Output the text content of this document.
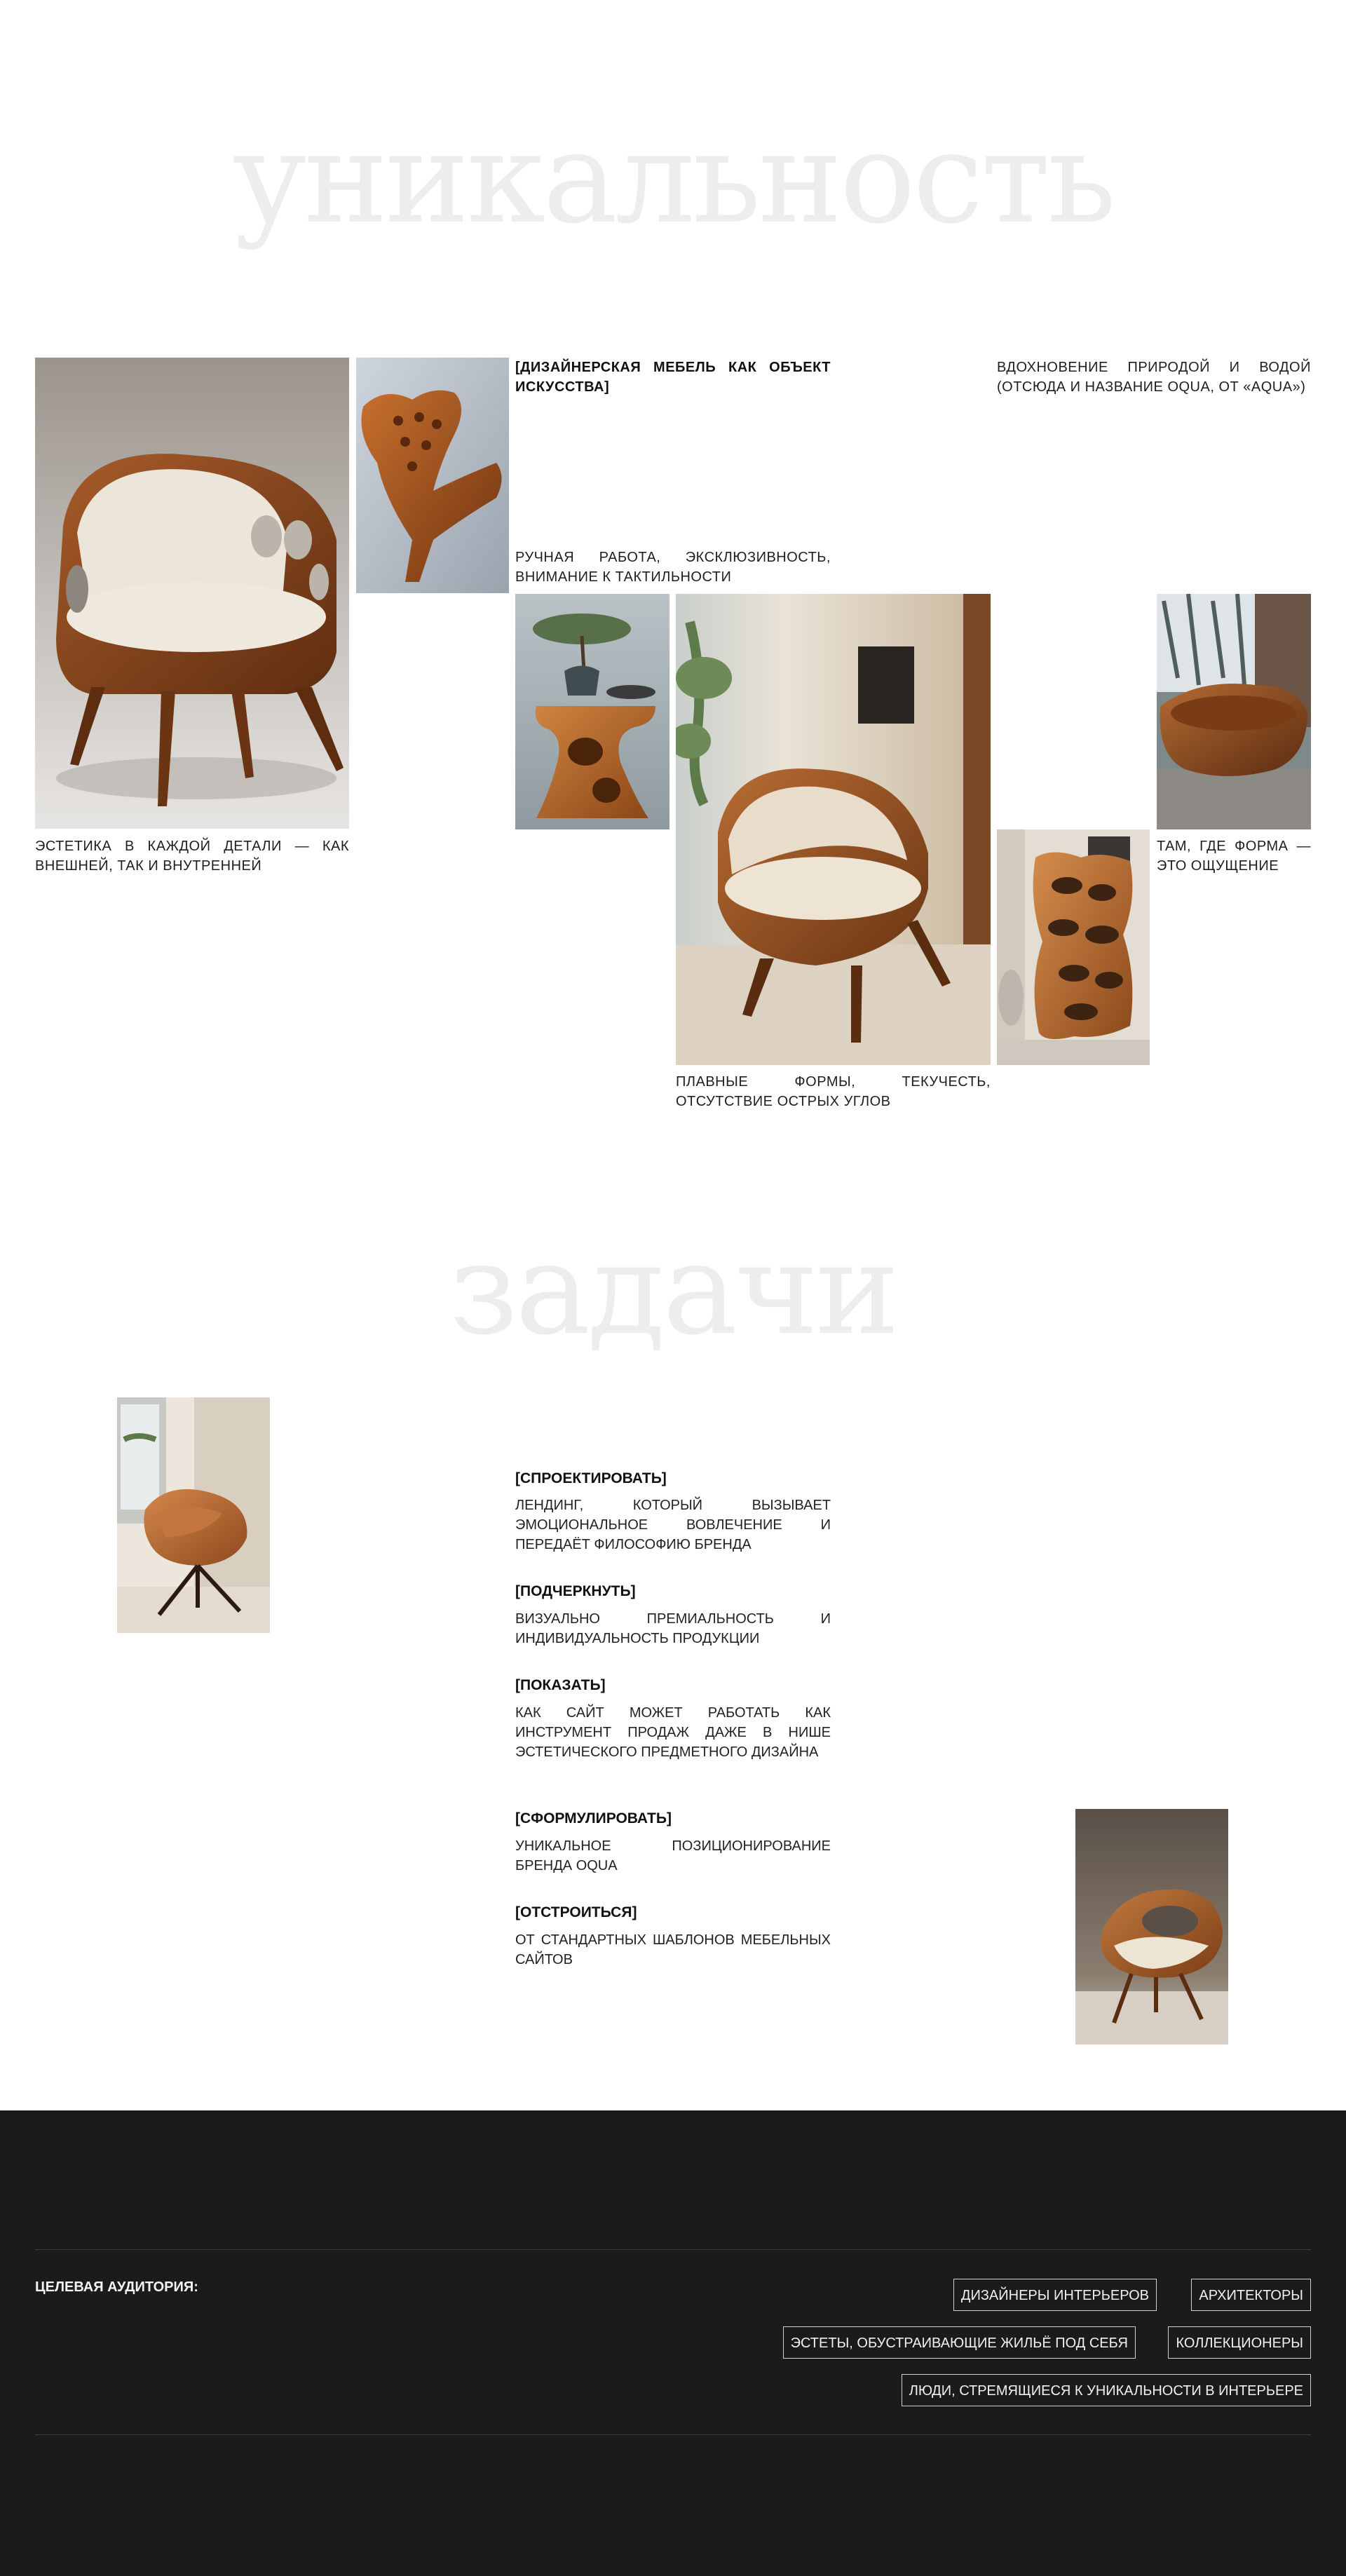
уникальность
[ДИЗАЙНЕРСКАЯ МЕБЕЛЬ КАК ОБЪЕКТ ИСКУССТВА]
ВДОХНОВЕНИЕ ПРИРОДОЙ И ВОДОЙ (ОТСЮДА И НАЗВАНИЕ OQUA, ОТ «AQUA»)
РУЧНАЯ РАБОТА, ЭКСКЛЮЗИВНОСТЬ, ВНИМАНИЕ К ТАКТИЛЬНОСТИ
ЭСТЕТИКА В КАЖДОЙ ДЕТАЛИ — КАК ВНЕШНЕЙ, ТАК И ВНУТРЕННЕЙ
ТАМ, ГДЕ ФОРМА — ЭТО ОЩУЩЕНИЕ
ПЛАВНЫЕ ФОРМЫ, ТЕКУЧЕСТЬ, ОТСУТСТВИЕ ОСТРЫХ УГЛОВ
задачи
[СПРОЕКТИРОВАТЬ]
ЛЕНДИНГ, КОТОРЫЙ ВЫЗЫВАЕТ ЭМОЦИОНАЛЬНОЕ ВОВЛЕЧЕНИЕ И ПЕРЕДАЁТ ФИЛОСОФИЮ БРЕНДА
[ПОДЧЕРКНУТЬ]
ВИЗУАЛЬНО ПРЕМИАЛЬНОСТЬ И ИНДИВИДУАЛЬНОСТЬ ПРОДУКЦИИ
[ПОКАЗАТЬ]
КАК САЙТ МОЖЕТ РАБОТАТЬ КАК ИНСТРУМЕНТ ПРОДАЖ ДАЖЕ В НИШЕ ЭСТЕТИЧЕСКОГО ПРЕДМЕТНОГО ДИЗАЙНА
[СФОРМУЛИРОВАТЬ]
УНИКАЛЬНОЕ ПОЗИЦИОНИРОВАНИЕ БРЕНДА OQUA
[ОТСТРОИТЬСЯ]
ОТ СТАНДАРТНЫХ ШАБЛОНОВ МЕБЕЛЬНЫХ САЙТОВ
ЦЕЛЕВАЯ АУДИТОРИЯ:
ДИЗАЙНЕРЫ ИНТЕРЬЕРОВ	АРХИТЕКТОРЫ
ЭСТЕТЫ, ОБУСТРАИВАЮЩИЕ ЖИЛЬЁ ПОД СЕБЯ	КОЛЛЕКЦИОНЕРЫ
ЛЮДИ, СТРЕМЯЩИЕСЯ К УНИКАЛЬНОСТИ В ИНТЕРЬЕРЕ
